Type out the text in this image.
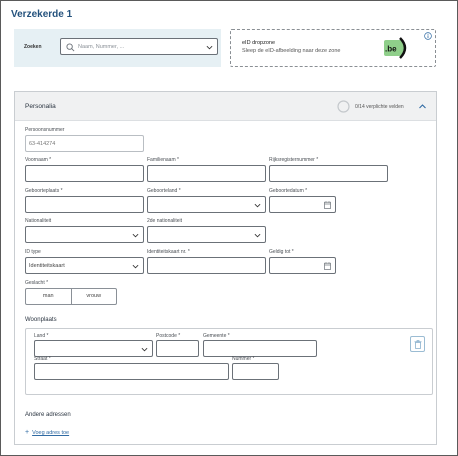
Verzekerde 1
Zoeken	Naam, Nummer, ...
eID dropzone
Sleep de eID-afbeelding naar deze zone	.be
Personalia	0/14 verplichte velden
Persoonsnummer
63-414274
Voornaam *	Familienaam *	Rijksregisternummer *
Geboorteplaats *	Geboorteland *	Geboortedatum *
Nationaliteit	2de nationaliteit
ID type
Identiteitskaart
Identiteitskaart nr. *	Geldig tot *
Geslacht *
man	vrouw
Woonplaats
Land *	Postcode *	Gemeente *
Straat *	Nummer *
Andere adressen
+ Voeg adres toe
